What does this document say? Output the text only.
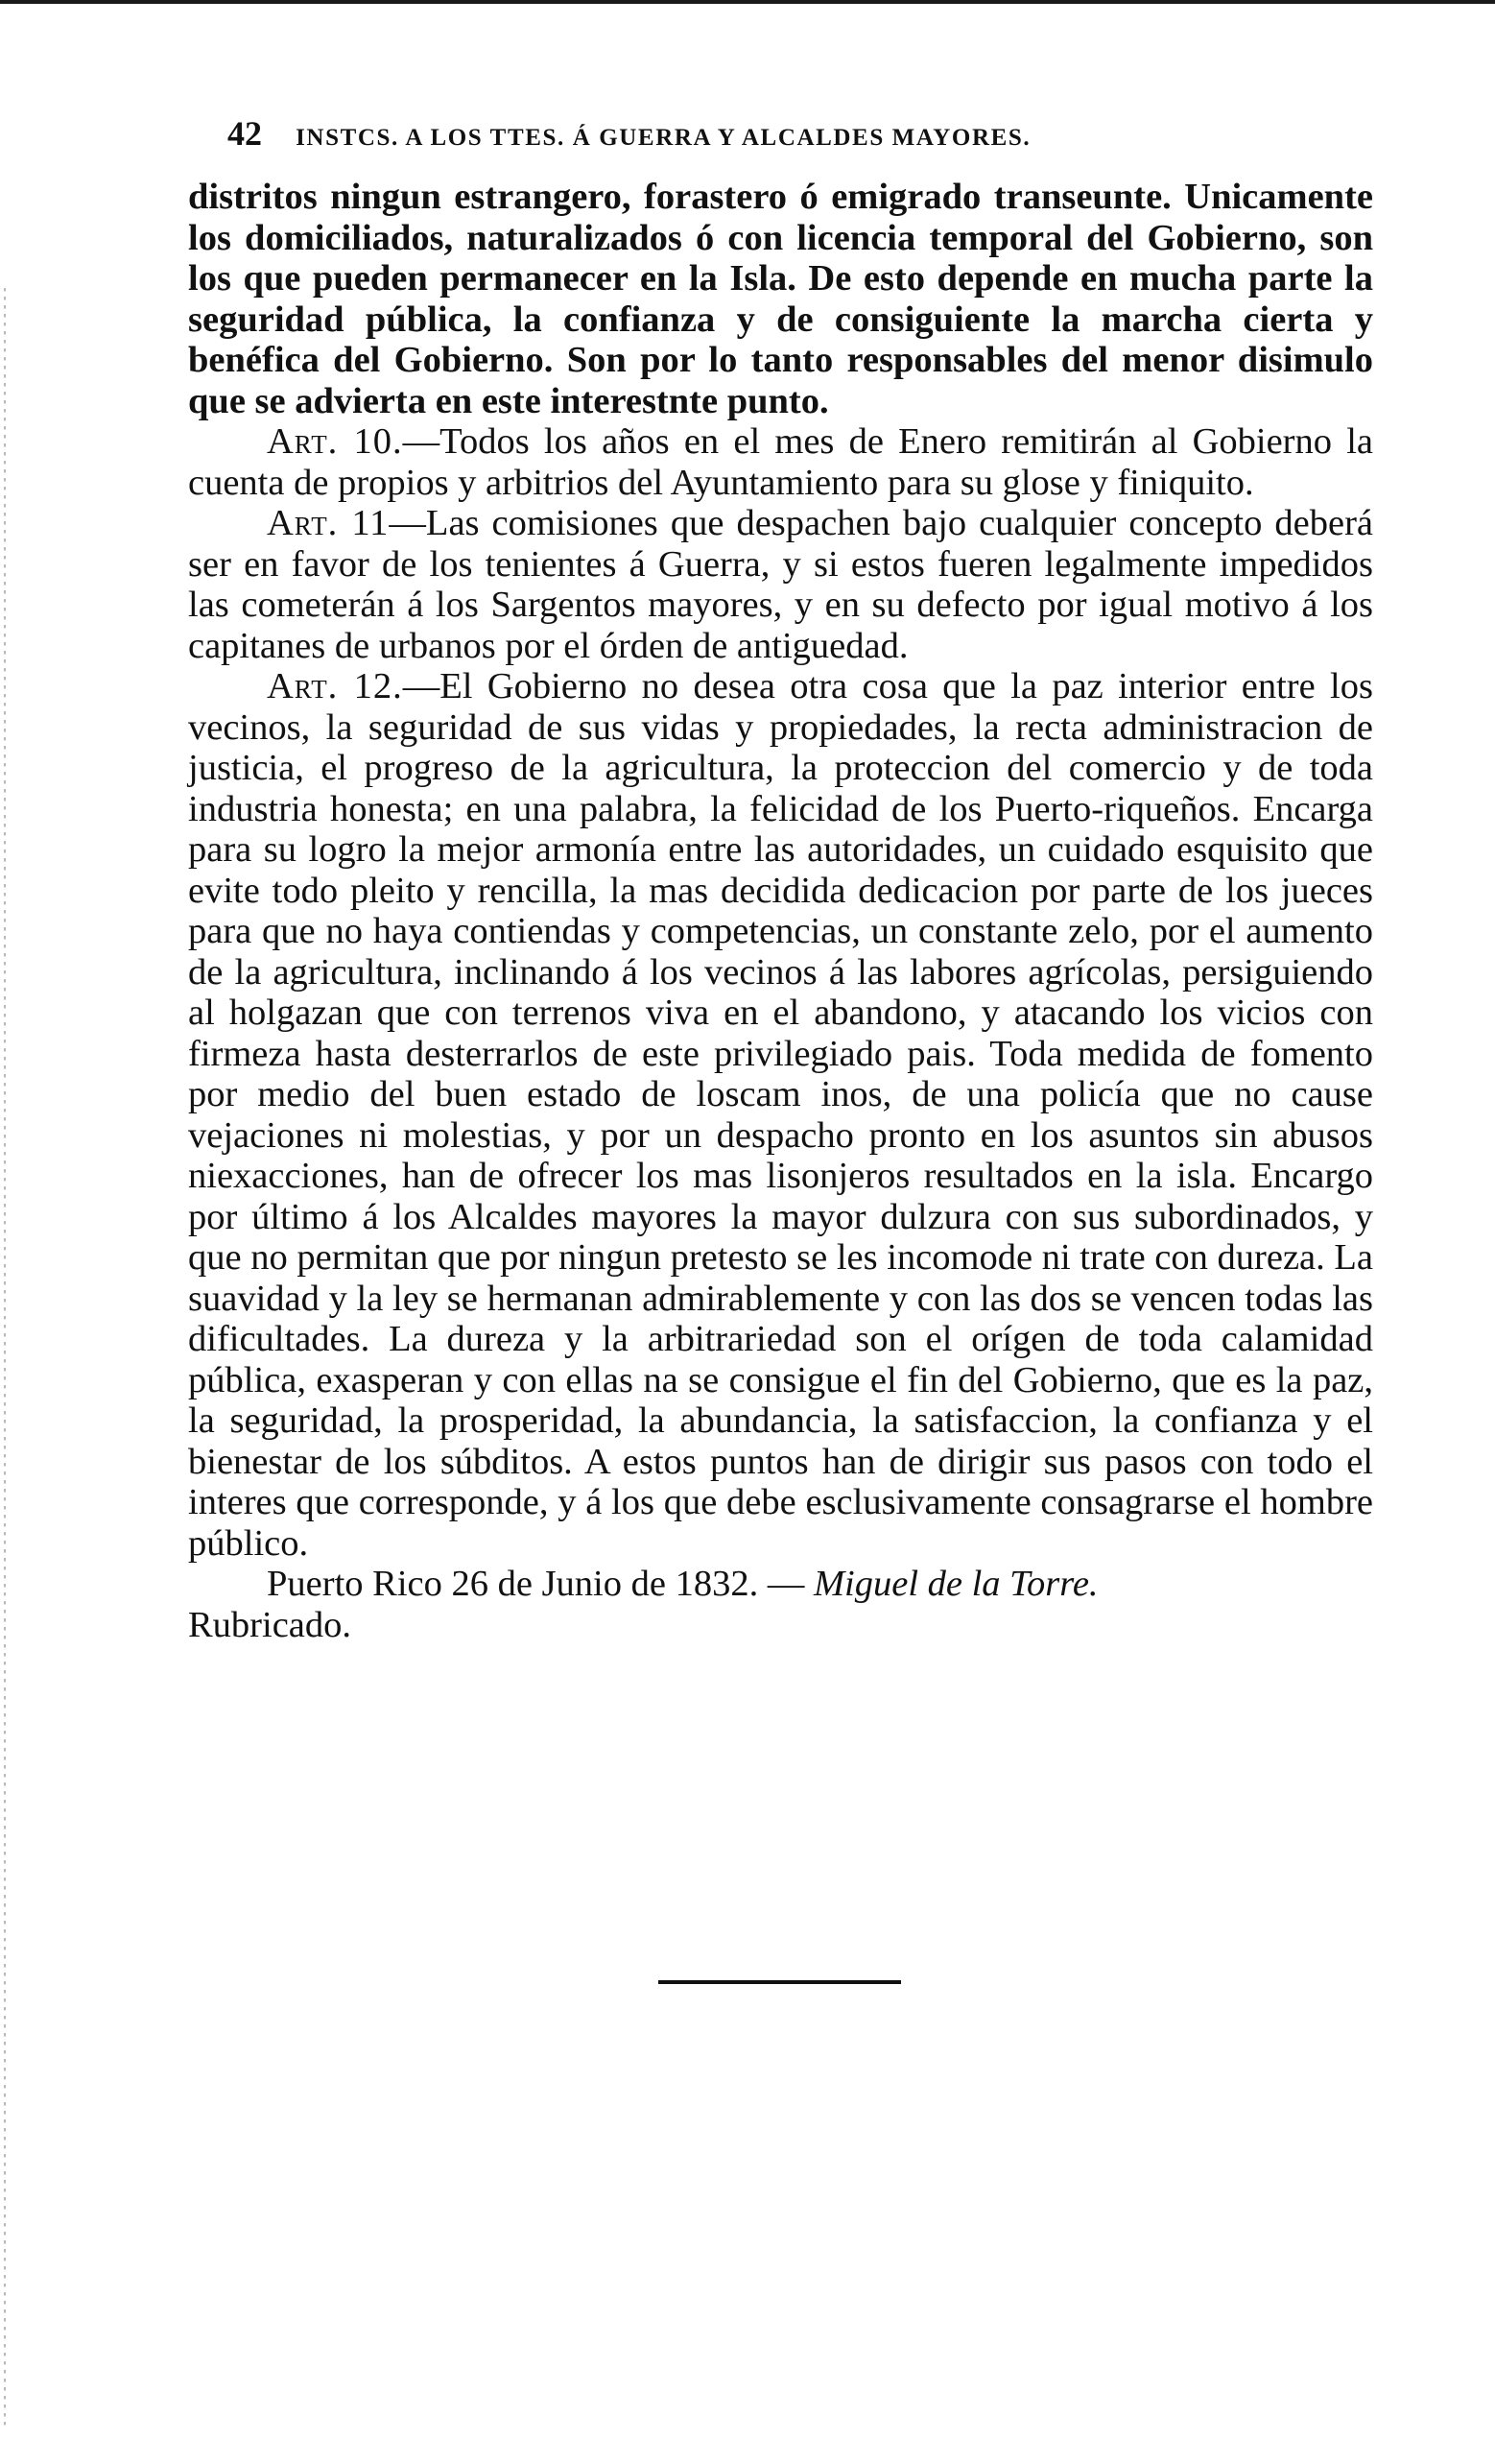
42 INSTCS. A LOS TTES. Á GUERRA Y ALCALDES MAYORES.

distritos ningun estrangero, forastero ó emigrado transeunte. Unicamente los domiciliados, naturalizados ó con licencia temporal del Gobierno, son los que pueden permanecer en la Isla. De esto depende en mucha parte la seguridad pública, la confianza y de consiguiente la marcha cierta y benéfica del Gobierno. Son por lo tanto responsables del menor disimulo que se advierta en este interestnte punto.

Art. 10.—Todos los años en el mes de Enero remitirán al Gobierno la cuenta de propios y arbitrios del Ayuntamiento para su glose y finiquito.

Art. 11—Las comisiones que despachen bajo cualquier concepto deberá ser en favor de los tenientes á Guerra, y si estos fueren legalmente impedidos las cometerán á los Sargentos mayores, y en su defecto por igual motivo á los capitanes de urbanos por el órden de antiguedad.

Art. 12.—El Gobierno no desea otra cosa que la paz interior entre los vecinos, la seguridad de sus vidas y propiedades, la recta administracion de justicia, el progreso de la agricultura, la proteccion del comercio y de toda industria honesta; en una palabra, la felicidad de los Puerto-riqueños. Encarga para su logro la mejor armonía entre las autoridades, un cuidado esquisito que evite todo pleito y rencilla, la mas decidida dedicacion por parte de los jueces para que no haya contiendas y competencias, un constante zelo, por el aumento de la agricultura, inclinando á los vecinos á las labores agrícolas, persiguiendo al holgazan que con terrenos viva en el abandono, y atacando los vicios con firmeza hasta desterrarlos de este privilegiado pais. Toda medida de fomento por medio del buen estado de loscam inos, de una policía que no cause vejaciones ni molestias, y por un despacho pronto en los asuntos sin abusos niexacciones, han de ofrecer los mas lisonjeros resultados en la isla. Encargo por último á los Alcaldes mayores la mayor dulzura con sus subordinados, y que no permitan que por ningun pretesto se les incomode ni trate con dureza. La suavidad y la ley se hermanan admirablemente y con las dos se vencen todas las dificultades. La dureza y la arbitrariedad son el orígen de toda calamidad pública, exasperan y con ellas na se consigue el fin del Gobierno, que es la paz, la seguridad, la prosperidad, la abundancia, la satisfaccion, la confianza y el bienestar de los súbditos. A estos puntos han de dirigir sus pasos con todo el interes que corresponde, y á los que debe esclusivamente consagrarse el hombre público.

Puerto Rico 26 de Junio de 1832. — Miguel de la Torre.

Rubricado.
